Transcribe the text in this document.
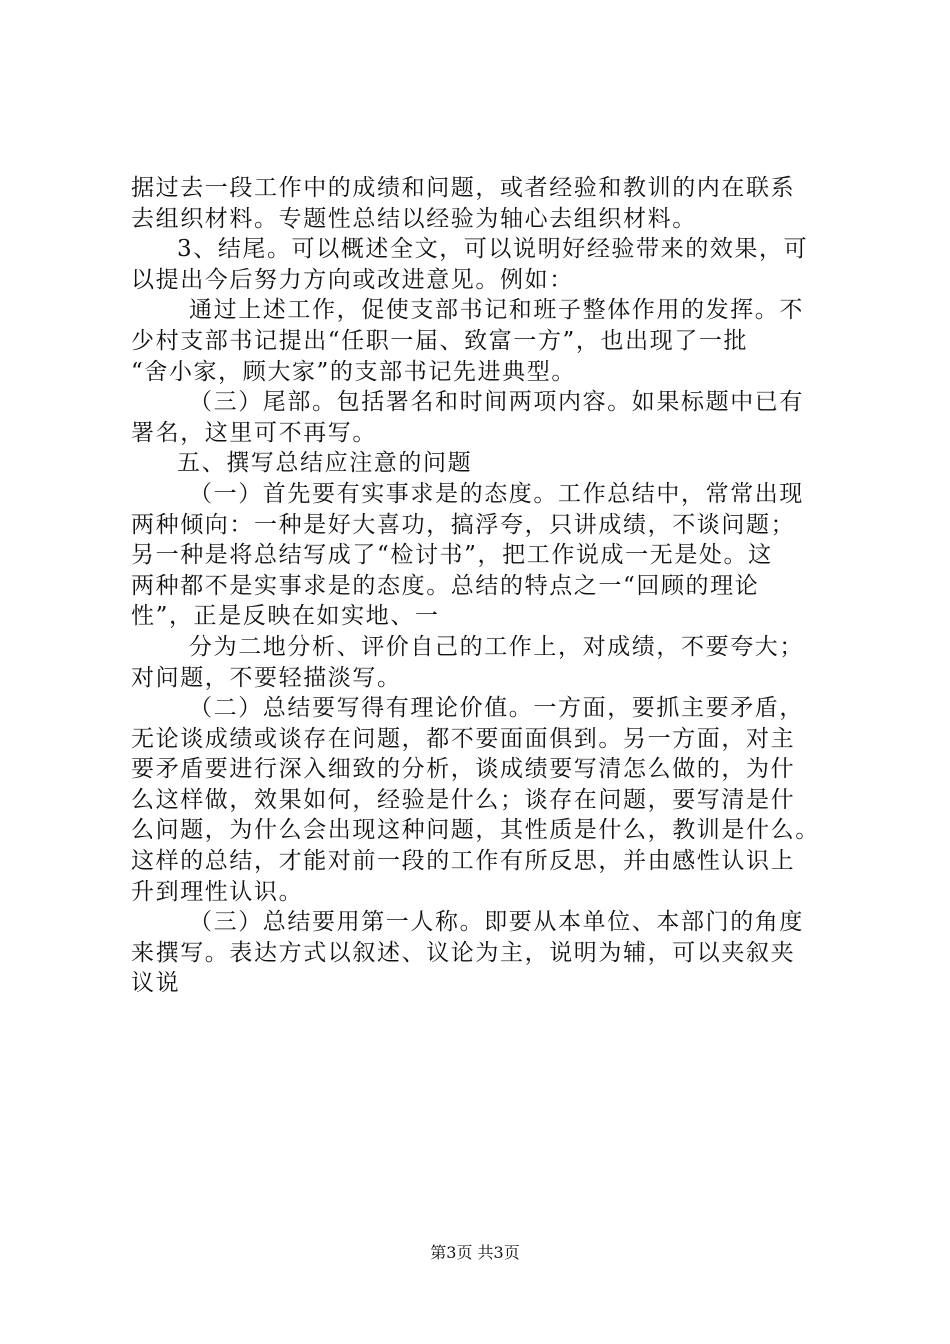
据过去一段工作中的成绩和问题，或者经验和教训的内在联系
去组织材料。专题性总结以经验为轴心去组织材料。
3、结尾。可以概述全文，可以说明好经验带来的效果，可
以提出今后努力方向或改进意见。例如：
通过上述工作，促使支部书记和班子整体作用的发挥。不
少村支部书记提出“任职一届、致富一方”，也出现了一批
“舍小家，顾大家”的支部书记先进典型。
（三）尾部。包括署名和时间两项内容。如果标题中已有
署名，这里可不再写。
五、撰写总结应注意的问题
（一）首先要有实事求是的态度。工作总结中，常常出现
两种倾向：一种是好大喜功，搞浮夸，只讲成绩，不谈问题；
另一种是将总结写成了“检讨书”，把工作说成一无是处。这
两种都不是实事求是的态度。总结的特点之一“回顾的理论
性”，正是反映在如实地、一
分为二地分析、评价自己的工作上，对成绩，不要夸大；
对问题，不要轻描淡写。
（二）总结要写得有理论价值。一方面，要抓主要矛盾，
无论谈成绩或谈存在问题，都不要面面俱到。另一方面，对主
要矛盾要进行深入细致的分析，谈成绩要写清怎么做的，为什
么这样做，效果如何，经验是什么；谈存在问题，要写清是什
么问题，为什么会出现这种问题，其性质是什么，教训是什么。
这样的总结，才能对前一段的工作有所反思，并由感性认识上
升到理性认识。
（三）总结要用第一人称。即要从本单位、本部门的角度
来撰写。表达方式以叙述、议论为主，说明为辅，可以夹叙夹
议说
第3页 共3页
